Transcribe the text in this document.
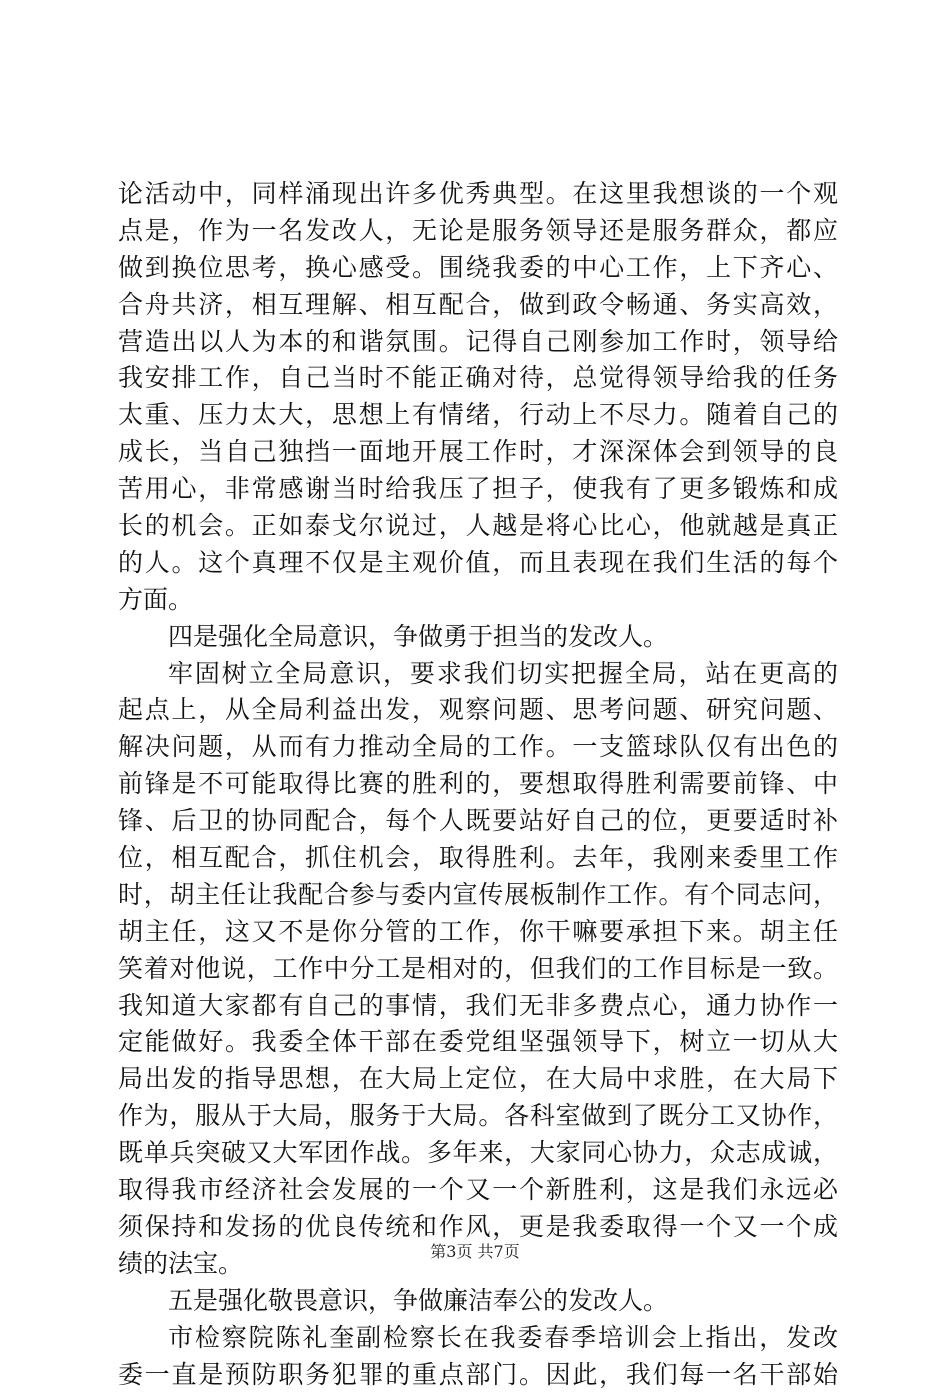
论活动中，同样涌现出许多优秀典型。在这里我想谈的一个观
点是，作为一名发改人，无论是服务领导还是服务群众，都应
做到换位思考，换心感受。围绕我委的中心工作，上下齐心、
合舟共济，相互理解、相互配合，做到政令畅通、务实高效，
营造出以人为本的和谐氛围。记得自己刚参加工作时，领导给
我安排工作，自己当时不能正确对待，总觉得领导给我的任务
太重、压力太大，思想上有情绪，行动上不尽力。随着自己的
成长，当自己独挡一面地开展工作时，才深深体会到领导的良
苦用心，非常感谢当时给我压了担子，使我有了更多锻炼和成
长的机会。正如泰戈尔说过，人越是将心比心，他就越是真正
的人。这个真理不仅是主观价值，而且表现在我们生活的每个
方面。
四是强化全局意识，争做勇于担当的发改人。
牢固树立全局意识，要求我们切实把握全局，站在更高的
起点上，从全局利益出发，观察问题、思考问题、研究问题、
解决问题，从而有力推动全局的工作。一支篮球队仅有出色的
前锋是不可能取得比赛的胜利的，要想取得胜利需要前锋、中
锋、后卫的协同配合，每个人既要站好自己的位，更要适时补
位，相互配合，抓住机会，取得胜利。去年，我刚来委里工作
时，胡主任让我配合参与委内宣传展板制作工作。有个同志问，
胡主任，这又不是你分管的工作，你干嘛要承担下来。胡主任
笑着对他说，工作中分工是相对的，但我们的工作目标是一致。
我知道大家都有自己的事情，我们无非多费点心，通力协作一
定能做好。我委全体干部在委党组坚强领导下，树立一切从大
局出发的指导思想，在大局上定位，在大局中求胜，在大局下
作为，服从于大局，服务于大局。各科室做到了既分工又协作，
既单兵突破又大军团作战。多年来，大家同心协力，众志成诚，
取得我市经济社会发展的一个又一个新胜利，这是我们永远必
须保持和发扬的优良传统和作风，更是我委取得一个又一个成
绩的法宝。
五是强化敬畏意识，争做廉洁奉公的发改人。
市检察院陈礼奎副检察长在我委春季培训会上指出，发改
委一直是预防职务犯罪的重点部门。因此，我们每一名干部始
第3页 共7页
